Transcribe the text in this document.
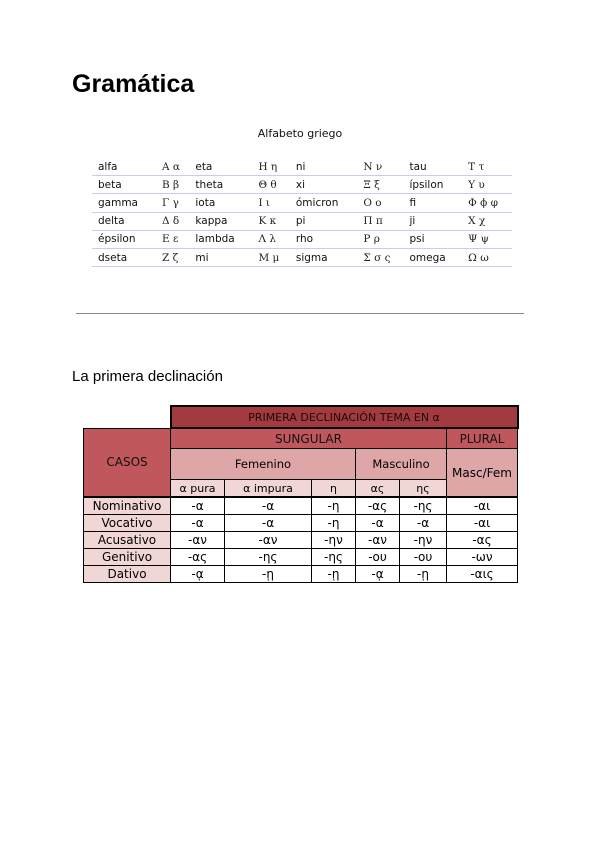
Gramática
Alfabeto griego
alfa	Α α	eta	Η η	ni	Ν ν	tau	Τ τ
beta	Β β	theta	Θ θ	xi	Ξ ξ	ípsilon	Υ υ
gamma	Γ γ	iota	Ι ι	ómicron	Ο ο	fi	Φ ϕ φ
delta	Δ δ	kappa	Κ κ	pi	Π π	ji	Χ χ
épsilon	Ε ε	lambda	Λ λ	rho	Ρ ρ	psi	Ψ ψ
dseta	Ζ ζ	mi	Μ μ	sigma	Σ σ ς	omega	Ω ω
La primera declinación
	PRIMERA DECLINACIÓN TEMA EN α					
CASOS	SUNGULAR					PLURAL
	Femenino			Masculino		Masc/Fem
	α pura	α impura	η	ας	ης	
Nominativo	-α	-α	-η	-ας	-ης	-αι
Vocativo	-α	-α	-η	-α	-α	-αι
Acusativo	-αν	-αν	-ην	-αν	-ην	-ας
Genitivo	-ας	-ης	-ης	-ου	-ου	-ων
Dativo	-ᾳ	-ῃ	-ῃ	-ᾳ	-ῃ	-αις
